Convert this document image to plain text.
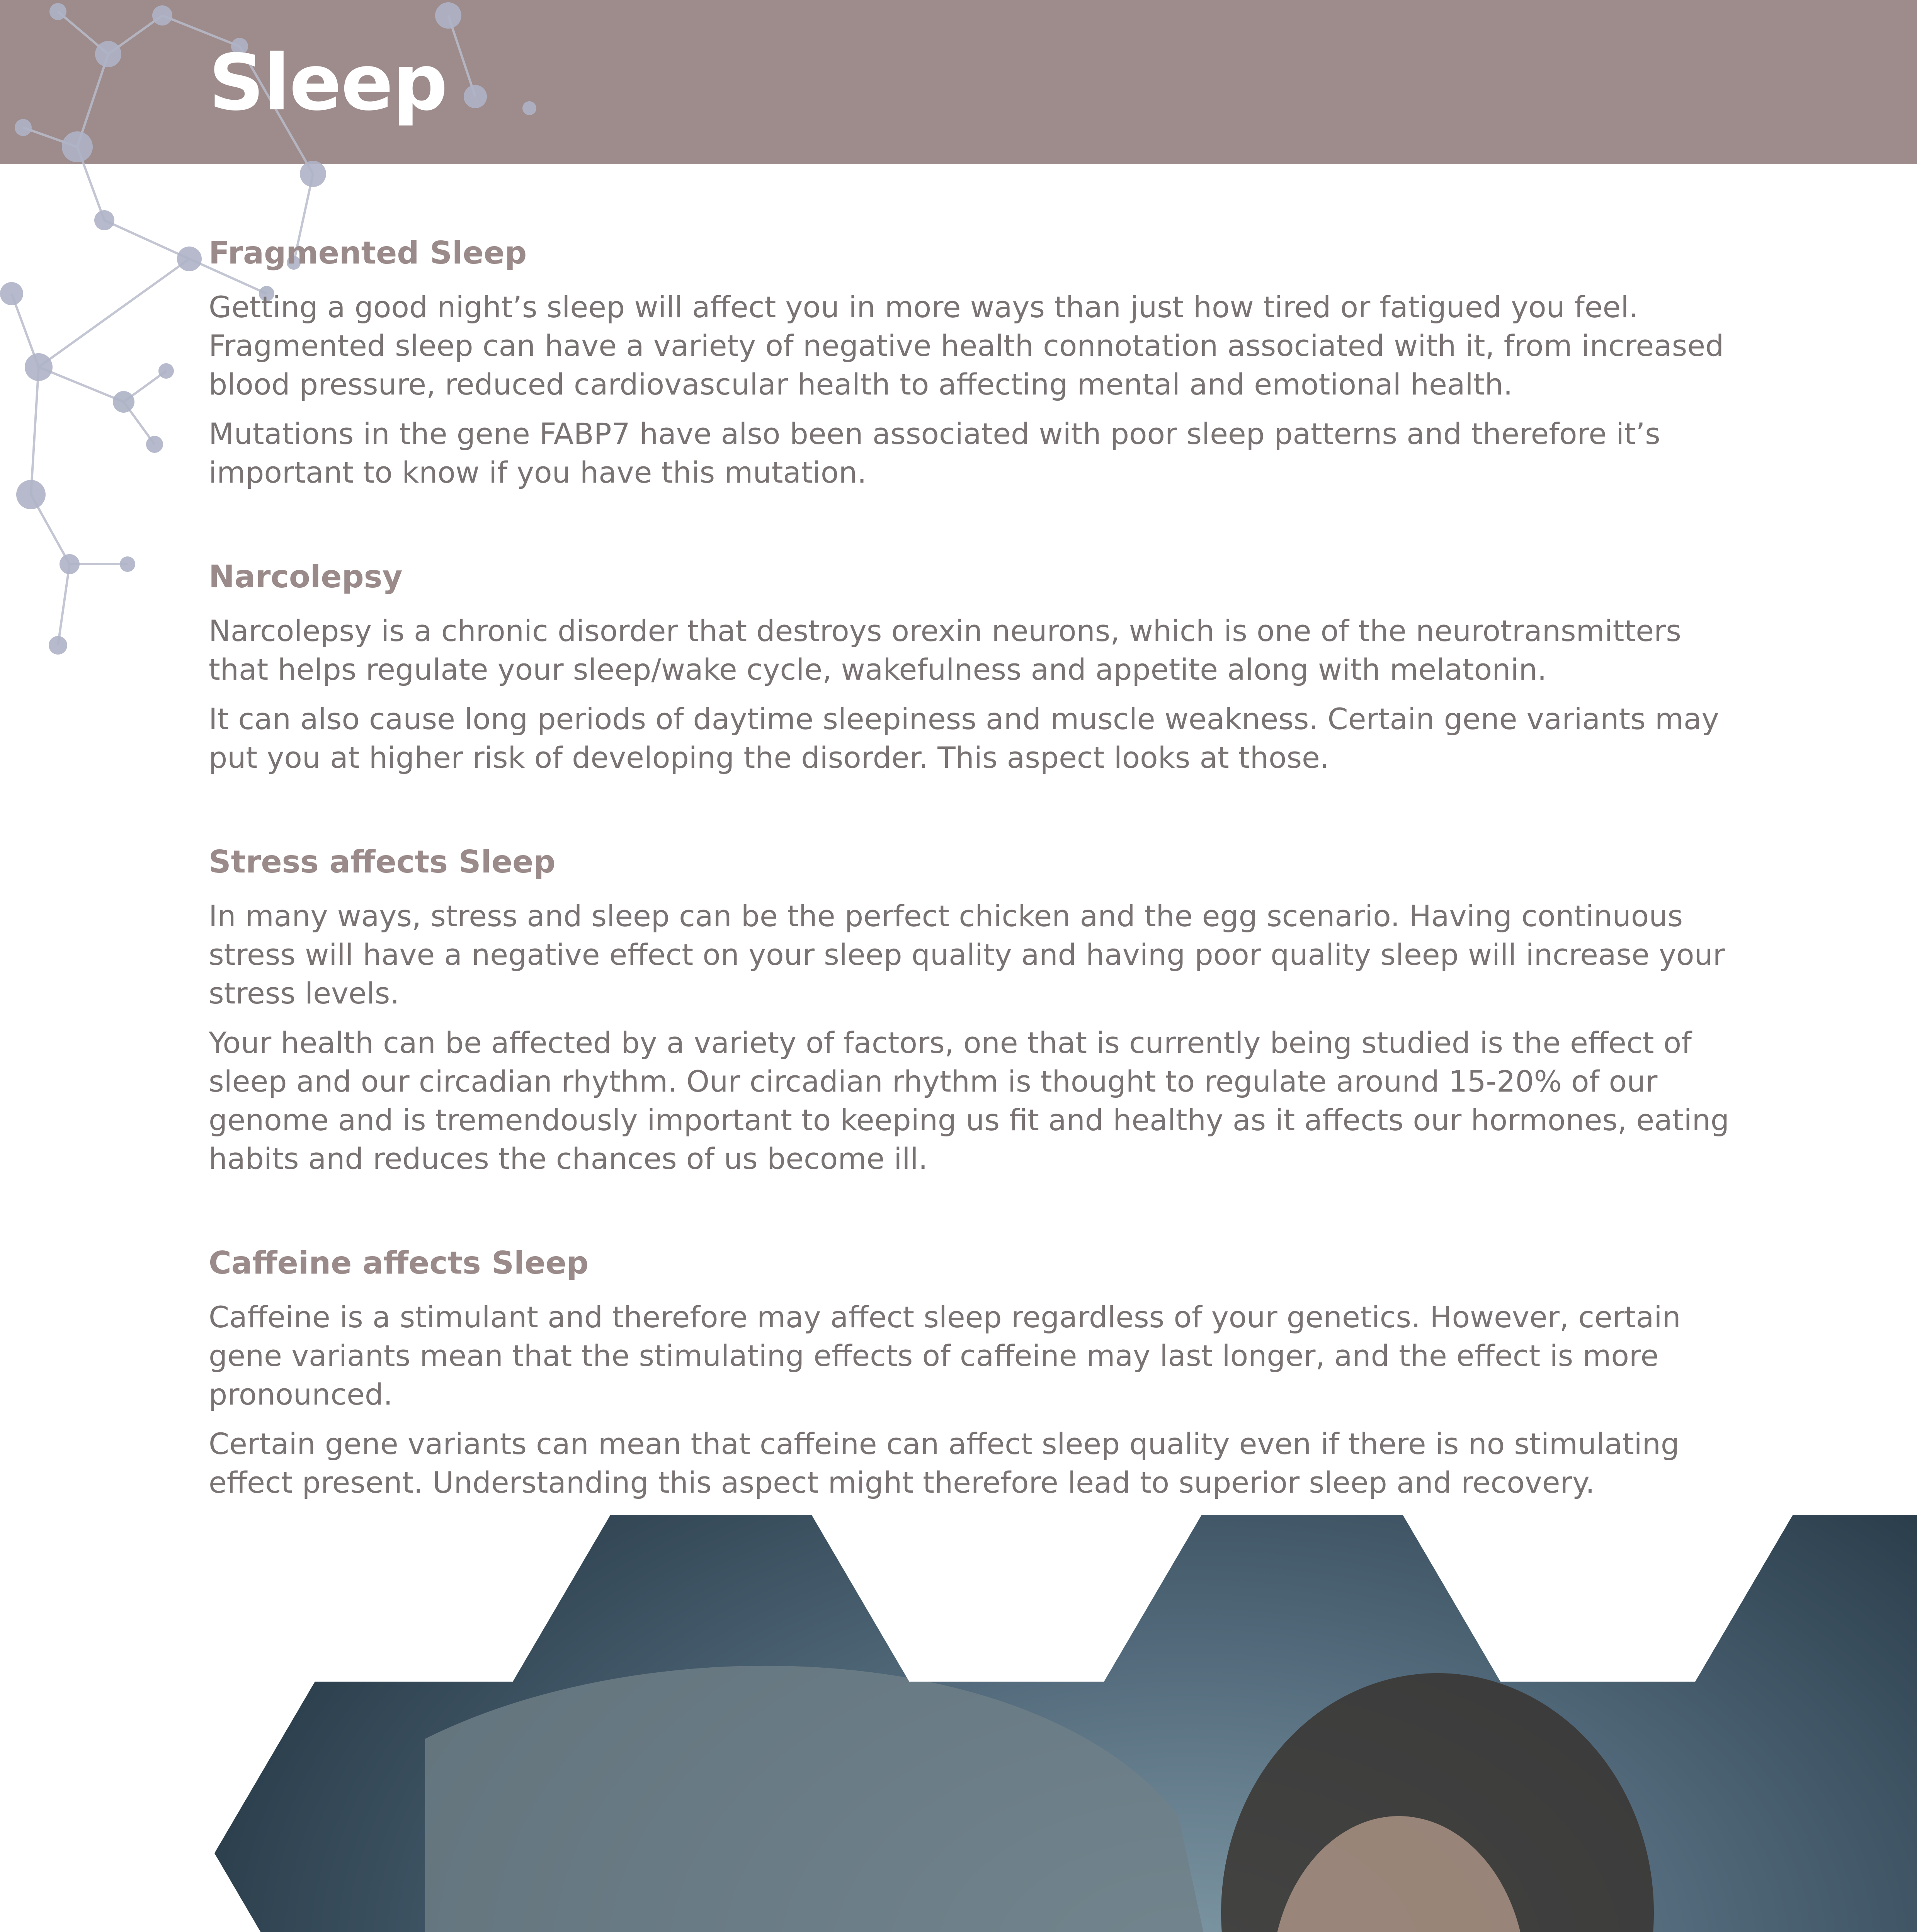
Sleep
Fragmented Sleep

Getting a good night’s sleep will affect you in more ways than just how tired or fatigued you feel. Fragmented sleep can have a variety of negative health connotation associated with it, from increased blood pressure, reduced cardiovascular health to affecting mental and emotional health.

Mutations in the gene FABP7 have also been associated with poor sleep patterns and therefore it’s important to know if you have this mutation.

Narcolepsy

Narcolepsy is a chronic disorder that destroys orexin neurons, which is one of the neurotransmitters that helps regulate your sleep/wake cycle, wakefulness and appetite along with melatonin.

It can also cause long periods of daytime sleepiness and muscle weakness. Certain gene variants may put you at higher risk of developing the disorder. This aspect looks at those.

Stress affects Sleep

In many ways, stress and sleep can be the perfect chicken and the egg scenario. Having continuous stress will have a negative effect on your sleep quality and having poor quality sleep will increase your stress levels.

Your health can be affected by a variety of factors, one that is currently being studied is the effect of sleep and our circadian rhythm. Our circadian rhythm is thought to regulate around 15-20% of our genome and is tremendously important to keeping us fit and healthy as it affects our hormones, eating habits and reduces the chances of us become ill.

Caffeine affects Sleep

Caffeine is a stimulant and therefore may affect sleep regardless of your genetics. However, certain gene variants mean that the stimulating effects of caffeine may last longer, and the effect is more pronounced.

Certain gene variants can mean that caffeine can affect sleep quality even if there is no stimulating effect present. Understanding this aspect might therefore lead to superior sleep and recovery.
